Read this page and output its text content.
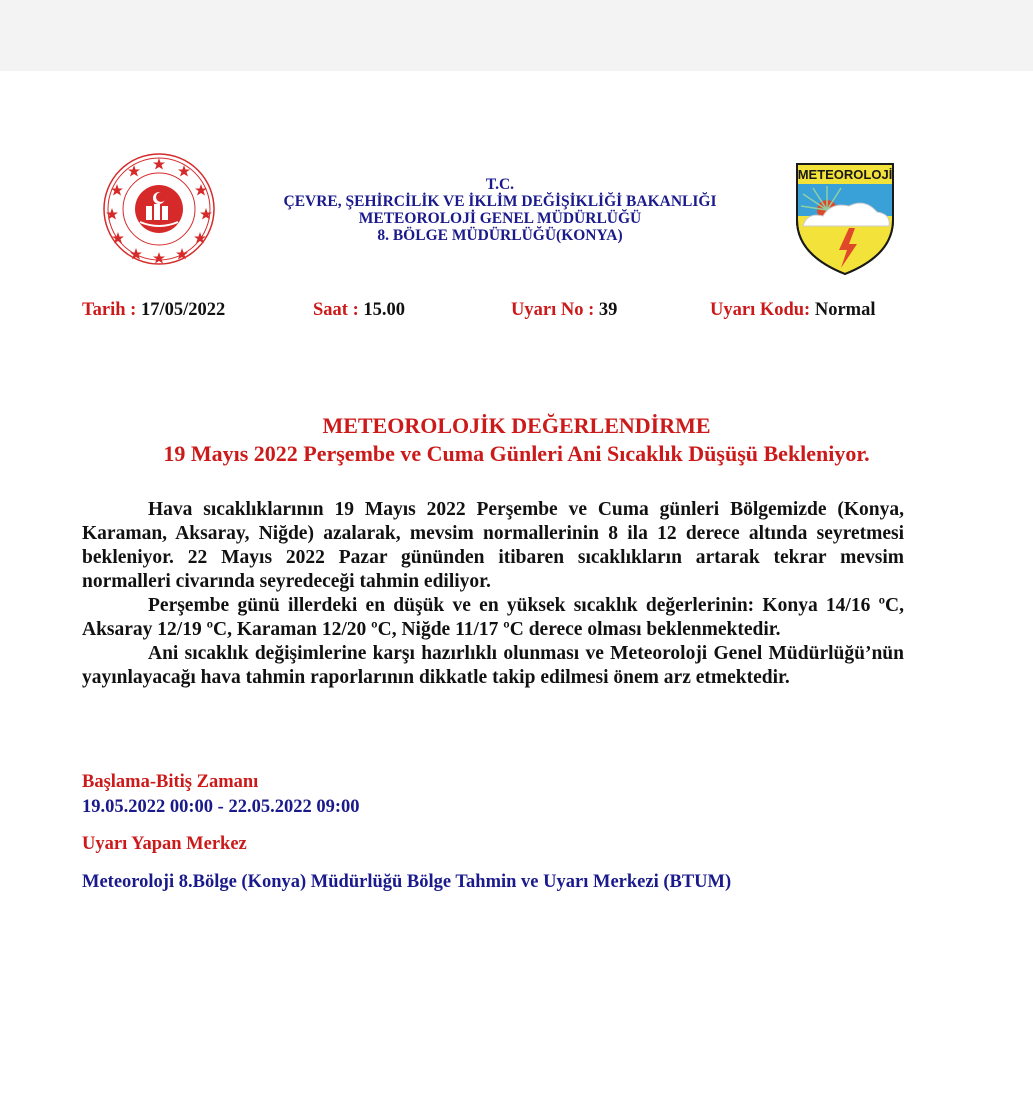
METEOROLOJİ
T.C.
ÇEVRE, ŞEHİRCİLİK VE İKLİM DEĞİŞİKLİĞİ BAKANLIĞI
METEOROLOJİ GENEL MÜDÜRLÜĞÜ
8. BÖLGE MÜDÜRLÜĞÜ(KONYA)
Tarih : 17/05/2022	Saat : 15.00	Uyarı No : 39	Uyarı Kodu: Normal
METEOROLOJİK DEĞERLENDİRME
19 Mayıs 2022 Perşembe ve Cuma Günleri Ani Sıcaklık Düşüşü Bekleniyor.

Hava sıcaklıklarının 19 Mayıs 2022 Perşembe ve Cuma günleri Bölgemizde (Konya, Karaman, Aksaray, Niğde) azalarak, mevsim normallerinin 8 ila 12 derece altında seyretmesi bekleniyor. 22 Mayıs 2022 Pazar gününden itibaren sıcaklıkların artarak tekrar mevsim normalleri civarında seyredeceği tahmin ediliyor.

Perşembe günü illerdeki en düşük ve en yüksek sıcaklık değerlerinin: Konya 14/16 ºC, Aksaray 12/19 ºC, Karaman 12/20 ºC, Niğde 11/17 ºC derece olması beklenmektedir.

Ani sıcaklık değişimlerine karşı hazırlıklı olunması ve Meteoroloji Genel Müdürlüğü’nün yayınlayacağı hava tahmin raporlarının dikkatle takip edilmesi önem arz etmektedir.

Başlama-Bitiş Zamanı
19.05.2022 00:00 - 22.05.2022 09:00
Uyarı Yapan Merkez
Meteoroloji 8.Bölge (Konya) Müdürlüğü Bölge Tahmin ve Uyarı Merkezi (BTUM)
